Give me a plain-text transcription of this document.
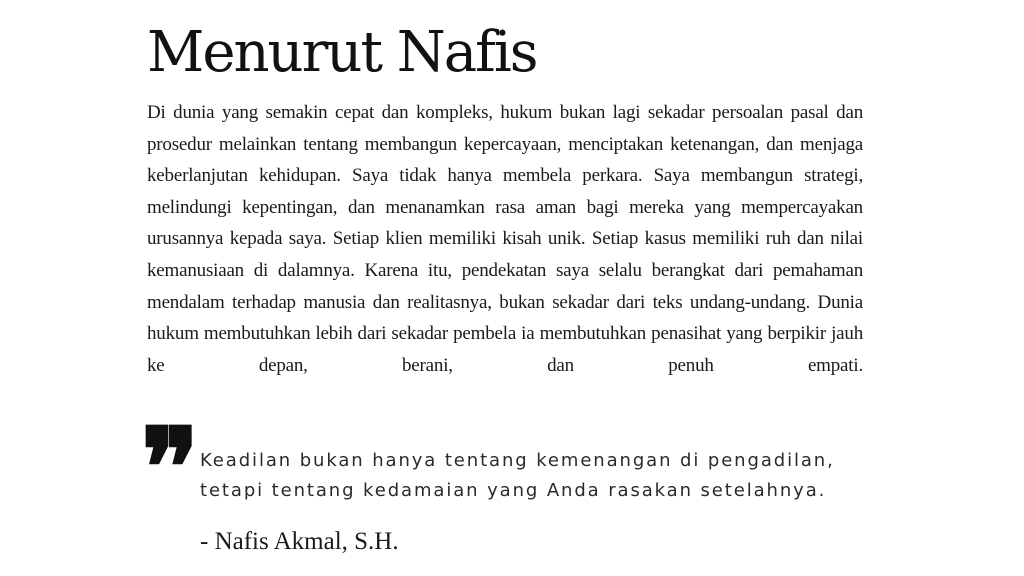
Menurut Nafis

Di dunia yang semakin cepat dan kompleks, hukum bukan lagi sekadar persoalan pasal dan prosedur melainkan tentang membangun kepercayaan, menciptakan ketenangan, dan menjaga keberlanjutan kehidupan. Saya tidak hanya membela perkara. Saya membangun strategi, melindungi kepentingan, dan menanamkan rasa aman bagi mereka yang mempercayakan urusannya kepada saya. Setiap klien memiliki kisah unik. Setiap kasus memiliki ruh dan nilai kemanusiaan di dalamnya. Karena itu, pendekatan saya selalu berangkat dari pemahaman mendalam terhadap manusia dan realitasnya, bukan sekadar dari teks undang-undang. Dunia hukum membutuhkan lebih dari sekadar pembela ia membutuhkan penasihat yang berpikir jauh ke depan, berani, dan penuh empati.

❞ Keadilan bukan hanya tentang kemenangan di pengadilan,
tetapi tentang kedamaian yang Anda rasakan setelahnya.

- Nafis Akmal, S.H.
